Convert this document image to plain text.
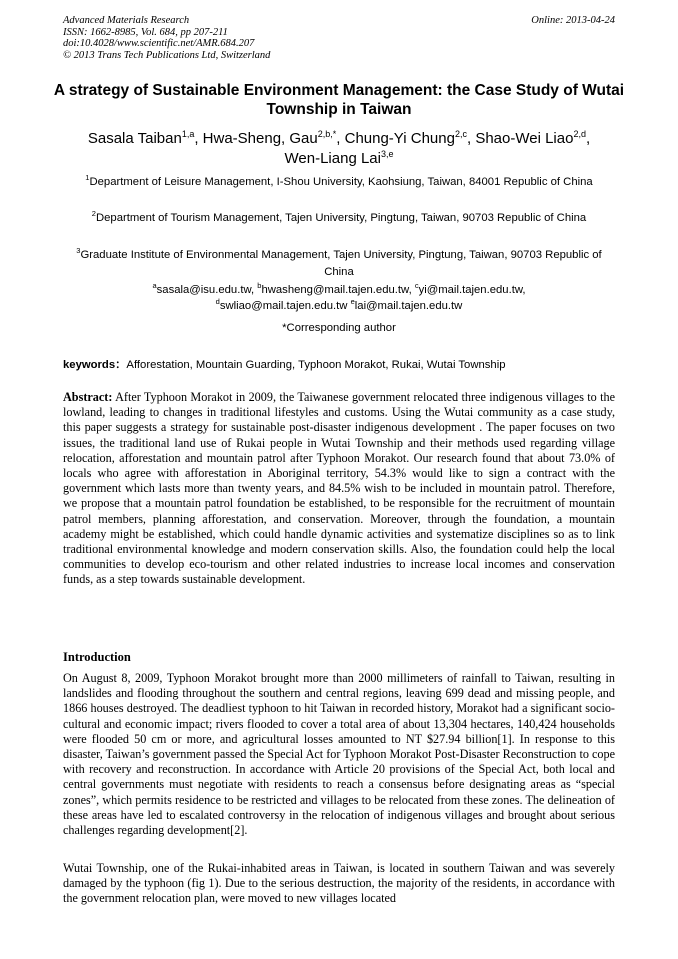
Advanced Materials Research
ISSN: 1662-8985, Vol. 684, pp 207-211
doi:10.4028/www.scientific.net/AMR.684.207
© 2013 Trans Tech Publications Ltd, Switzerland
Online: 2013-04-24
A strategy of Sustainable Environment Management: the Case Study of Wutai Township in Taiwan
Sasala Taiban$^{1,a}$, Hwa-Sheng, Gau$^{2,b,*}$, Chung-Yi Chung$^{2,c}$, Shao-Wei Liao$^{2,d}$,
Wen-Liang Lai$^{3,e}$
$^1$Department of Leisure Management, I-Shou University, Kaohsiung, Taiwan, 84001 Republic of China
$^2$Department of Tourism Management, Tajen University, Pingtung, Taiwan, 90703 Republic of China
$^3$Graduate Institute of Environmental Management, Tajen University, Pingtung, Taiwan, 90703 Republic of China
$^a$sasala@isu.edu.tw, $^b$hwasheng@mail.tajen.edu.tw, $^c$yi@mail.tajen.edu.tw,
$^d$swliao@mail.tajen.edu.tw $^e$lai@mail.tajen.edu.tw
*Corresponding author
keywords：Afforestation, Mountain Guarding, Typhoon Morakot, Rukai, Wutai Township
Abstract: After Typhoon Morakot in 2009, the Taiwanese government relocated three indigenous villages to the lowland, leading to changes in traditional lifestyles and customs. Using the Wutai community as a case study, this paper suggests a strategy for sustainable post-disaster indigenous development . The paper focuses on two issues, the traditional land use of Rukai people in Wutai Township and their methods used regarding village relocation, afforestation and mountain patrol after Typhoon Morakot. Our research found that about 73.0% of locals who agree with afforestation in Aboriginal territory, 54.3% would like to sign a contract with the government which lasts more than twenty years, and 84.5% wish to be included in mountain patrol. Therefore, we propose that a mountain patrol foundation be established, to be responsible for the recruitment of mountain patrol members, planning afforestation, and conservation. Moreover, through the foundation, a mountain academy might be established, which could handle dynamic activities and systematize disciplines so as to link traditional environmental knowledge and modern conservation skills. Also, the foundation could help the local communities to develop eco-tourism and other related industries to increase local incomes and conservation funds, as a step towards sustainable development.
Introduction
On August 8, 2009, Typhoon Morakot brought more than 2000 millimeters of rainfall to Taiwan, resulting in landslides and flooding throughout the southern and central regions, leaving 699 dead and missing people, and 1866 houses destroyed. The deadliest typhoon to hit Taiwan in recorded history, Morakot had a significant socio-cultural and economic impact; rivers flooded to cover a total area of about 13,304 hectares, 140,424 households were flooded 50 cm or more, and agricultural losses amounted to NT $27.94 billion[1]. In response to this disaster, Taiwan’s government passed the Special Act for Typhoon Morakot Post-Disaster Reconstruction to cope with recovery and reconstruction. In accordance with Article 20 provisions of the Special Act, both local and central governments must negotiate with residents to reach a consensus before designating areas as “special zones”, which permits residence to be restricted and villages to be relocated from these zones. The delineation of these areas have led to escalated controversy in the relocation of indigenous villages and brought about serious challenges regarding development[2].
Wutai Township, one of the Rukai-inhabited areas in Taiwan, is located in southern Taiwan and was severely damaged by the typhoon (fig 1). Due to the serious destruction, the majority of the residents, in accordance with the government relocation plan, were moved to new villages located
